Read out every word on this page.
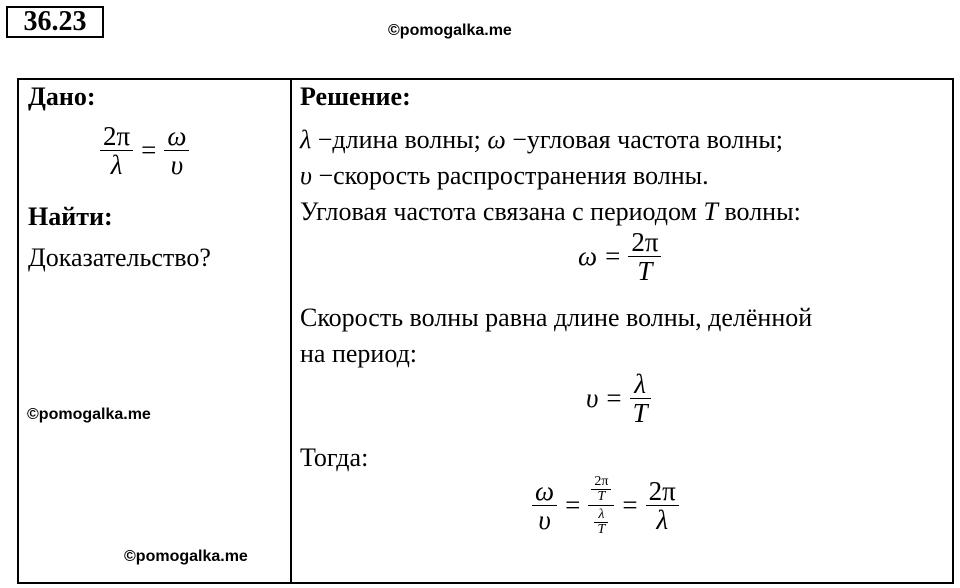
36.23	©pomogalka.me
Дано:
$\frac{2\pi}{\lambda} = \frac{\omega}{\upsilon}$
Найти:
Доказательство?
©pomogalka.me
©pomogalka.me
Решение:
λ −длина волны; ω −угловая частота волны;
υ −скорость распространения волны.
Угловая частота связана с периодом T волны:
$\omega = \frac{2\pi}{T}$
Скорость волны равна длине волны, делённой
на период:
$\upsilon = \frac{\lambda}{T}$
Тогда:
$\frac{\omega}{\upsilon} = \frac{\frac{2\pi}{T}}{\frac{\lambda}{T}} = \frac{2\pi}{\lambda}$
